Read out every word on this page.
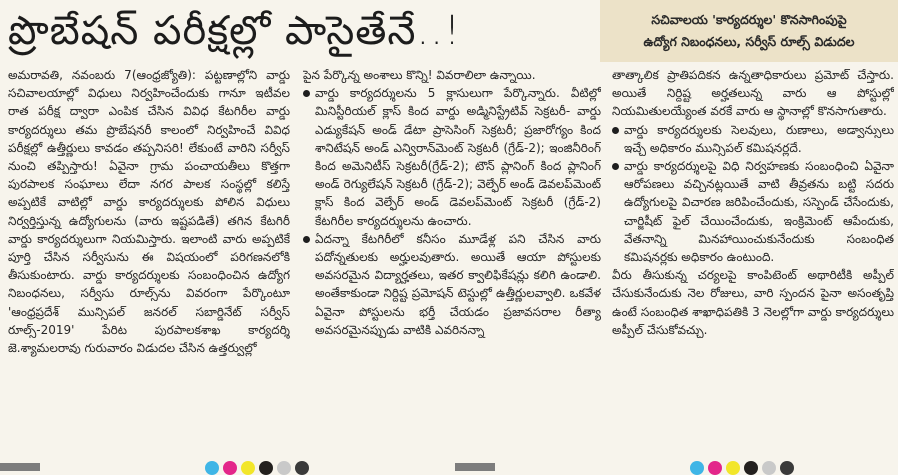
ప్రొబేషన్ పరీక్షల్లో పాసైతేనే..!	సచివాలయ 'కార్యదర్శుల' కొనసాగింపుపై
ఉద్యోగ నిబంధనలు, సర్వీస్ రూల్స్ విడుదల

అమరావతి, నవంబరు 7(ఆంధ్రజ్యోతి): పట్టణాల్లోని వార్డు సచివాలయాల్లో విధులు నిర్వహించేందుకు గానూ ఇటీవల రాత పరీక్ష ద్వారా ఎంపిక చేసిన వివిధ కేటగిరీల వార్డు కార్యదర్శులు తమ ప్రొబేషనరీ కాలంలో నిర్వహించే వివిధ పరీక్షల్లో ఉత్తీర్ణులు కావడం తప్పనిసరి! లేకుంటే వారిని సర్వీస్ నుంచి తప్పిస్తారు! ఏవైనా గ్రామ పంచాయతీలు కొత్తగా పురపాలక సంఘాలు లేదా నగర పాలక సంస్థల్లో కలిస్తే అప్పటికే వాటిల్లో వార్డు కార్యదర్శులకు పోలిన విధులు నిర్వర్తిస్తున్న ఉద్యోగులను (వారు ఇష్టపడితే) తగిన కేటగిరీ వార్డు కార్యదర్శులుగా నియమిస్తారు. ఇలాంటి వారు అప్పటికే పూర్తి చేసిన సర్వీసును ఈ విషయంలో పరిగణనలోకి తీసుకుంటారు. వార్డు కార్యదర్శులకు సంబంధించిన ఉద్యోగ నిబంధనలు, సర్వీసు రూల్స్‌ను వివరంగా పేర్కొంటూ 'ఆంధ్రప్రదేశ్ మున్సిపల్ జనరల్ సబార్డినేట్ సర్వీస్ రూల్స్-2019' పేరిట పురపాలకశాఖ కార్యదర్శి జె.శ్యామలరావు గురువారం విడుదల చేసిన ఉత్తర్వుల్లో

పైన పేర్కొన్న అంశాలు కొన్ని! వివరాలిలా ఉన్నాయి.

వార్డు కార్యదర్శులను 5 క్లాసులుగా పేర్కొన్నారు. వీటిల్లో మినిస్టీరియల్ క్లాస్ కింద వార్డు అడ్మినిస్ట్రేటివ్ సెక్రటరీ- వార్డు ఎడ్యుకేషన్ అండ్ డేటా ప్రాసెసింగ్ సెక్రటరీ; ప్రజారోగ్యం కింద శానిటేషన్ అండ్ ఎన్విరాన్‌మెంట్ సెక్రటరీ (గ్రేడ్-2); ఇంజినీరింగ్ కింద అమెనిటీస్ సెక్రటరీ(గ్రేడ్-2); టౌన్ ప్లానింగ్ కింద ప్లానింగ్ అండ్ రెగ్యులేషన్ సెక్రటరీ (గ్రేడ్-2); వెల్ఫేర్ అండ్ డెవలప్‌మెంట్ క్లాస్ కింద వెల్ఫేర్ అండ్ డెవలప్‌మెంట్ సెక్రటరీ (గ్రేడ్-2) కేటగిరీల కార్యదర్శులను ఉంచారు.

ఏదన్నా కేటగిరీలో కనీసం మూడేళ్ల పని చేసిన వారు పదోన్నతులకు అర్హులవుతారు. అయితే ఆయా పోస్టులకు అవసరమైన విద్యార్హతలు, ఇతర క్వాలిఫికేషన్లు కలిగి ఉండాలి. అంతేకాకుండా నిర్దిష్ట ప్రమోషన్ టెస్టుల్లో ఉత్తీర్ణులవ్వాలి. ఒకవేళ ఏవైనా పోస్టులను భర్తీ చేయడం ప్రజావసరాల రీత్యా అవసరమైనప్పుడు వాటికి ఎవరినన్నా

తాత్కాలిక ప్రాతిపదికన ఉన్నతాధికారులు ప్రమోట్ చేస్తారు. అయితే నిర్దిష్ట అర్హతలున్న వారు ఆ పోస్టుల్లో నియమితులయ్యేంత వరకే వారు ఆ స్థానాల్లో కొనసాగుతారు.

వార్డు కార్యదర్శులకు సెలవులు, రుణాలు, అడ్వాన్సులు ఇచ్చే అధికారం మున్సిపల్ కమిషనర్లదే.

వార్డు కార్యదర్శులపై విధి నిర్వహణకు సంబంధించి ఏవైనా ఆరోపణలు వచ్చినట్లయితే వాటి తీవ్రతను బట్టి సదరు ఉద్యోగులపై విచారణ జరిపించేందుకు, సస్పెండ్ చేసేందుకు, చార్జిషీట్ ఫైల్ చేయించేందుకు, ఇంక్రిమెంట్ ఆపేందుకు, వేతనాన్ని మినహాయించుకునేందుకు సంబంధిత కమిషనర్లకు అధికారం ఉంటుంది.

వీరు తీసుకున్న చర్యలపై కాంపిటెంట్ అథారిటీకి అప్పీల్ చేసుకునేందుకు నెల రోజులు, వారి స్పందన పైనా అసంతృప్తి ఉంటే సంబంధిత శాఖాధిపతికి 3 నెలల్లోగా వార్డు కార్యదర్శులు అప్పీల్ చేసుకోవచ్చు.
